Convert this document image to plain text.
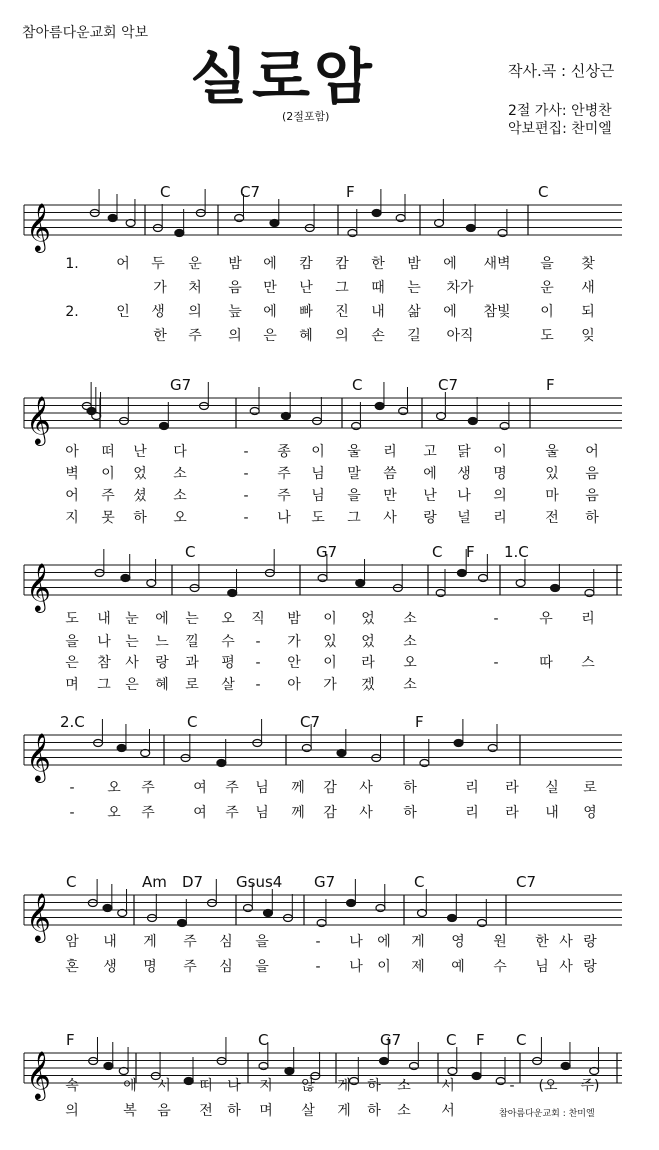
참아름다운교회 악보
실로암
(2절포함)
작사.곡 : 신상근
2절 가사: 안병찬
악보편집: 찬미엘
𝄞
C	C7	F	C
1.	어 두 운 밤 에 캄 캄 한 밤 에 새벽 을 찾
가 처 음 만 난 그 때 는 차가	운 새
2.	인 생 의 늪 에 빠 진 내 삶 에 참빛 이 되
한 주 의 은 혜 의 손 길 아직	도 잊
𝄞
G7	C	C7	F
아 떠 난 다	- 종 이 울 리 고 닭 이	울 어
벽 이 었 소	- 주 님 말 씀 에 생 명	있 음
어 주 셨 소	- 주 님 을 만 난 나 의	마 음
지 못 하 오	- 나 도 그 사 랑 널 리	전 하
𝄞
C	G7	C F 1.C
도 내 눈 에 는 오 직 밤 이 었 소	-	우 리
을 나 는 느 낄 수 - 가 있 었 소
은 참 사 랑 과 평 - 안 이 라 오	-	따 스
며 그 은 혜 로 살 - 아 가 겠 소
𝄞
2.C	C	C7	F
- 오 주	여 주 님 께 감 사 하	리 라 실 로
- 오 주	여 주 님 께 감 사 하	리 라 내 영
𝄞
C	Am D7 Gsus4 G7	C	C7
암 내 게 주 심 을	- 나 에 게 영 원 한 사 랑
혼 생 명 주 심 을	- 나 이 제 예 수 님 사 랑
𝄞
F	C	G7	C F C
속	에 서 떠 나 지 않 게 하 소 서	- (오 주)
의	복 음 전 하 며 살 게 하 소 서	참아름다운교회 : 찬미엘
